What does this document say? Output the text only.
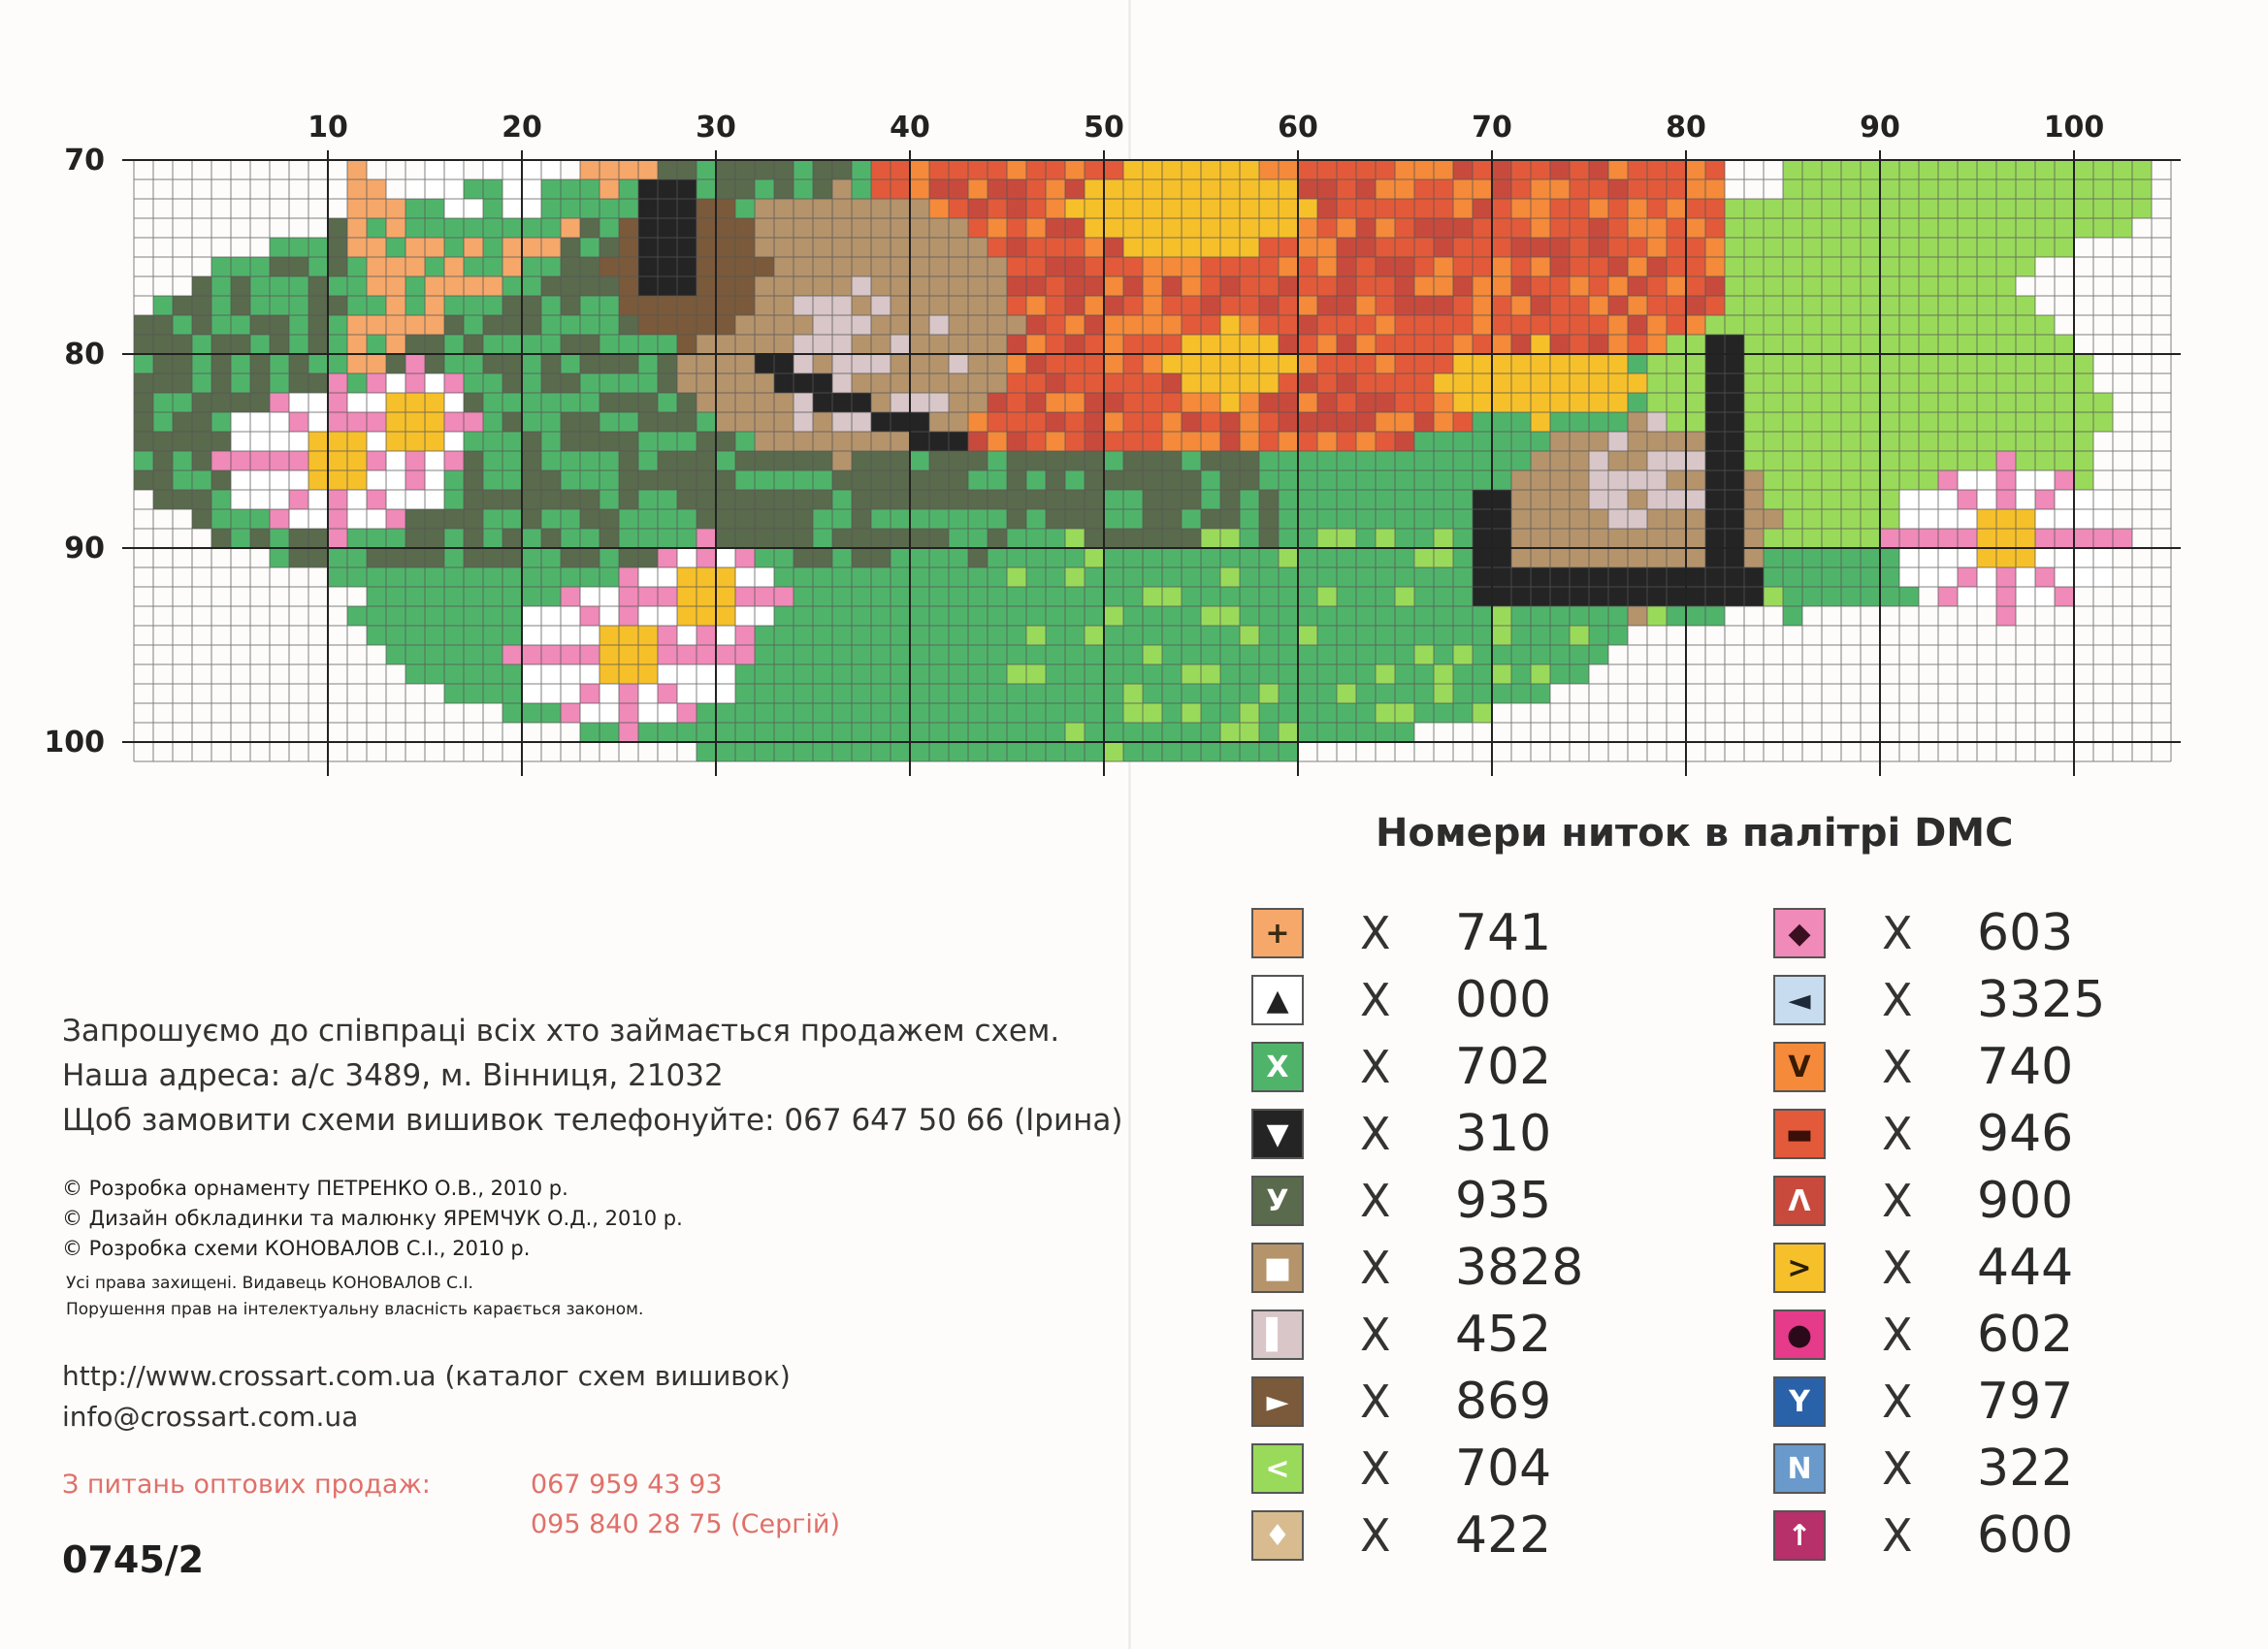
10	20	30	40	50	60	70	80	90	100
70
80
90
100
Номери ниток в палітрі DMC
+	X 741
▲	X 000
X	X 702
▼	X 310
У	X 935
■ X 3828
▌	X 452
►	X 869
<	X 704
♦ X 422
◆	X 603
◄	X 3325
V	X 740
▬ X 946
Λ	X 900
>	X 444
●	X 602
Y	X 797
N	X 322
↑	X 600
Запрошуємо до співпраці всіх хто займається продажем схем.
Наша адреса: а/с 3489, м. Вінниця, 21032
Щоб замовити схеми вишивок телефонуйте: 067 647 50 66 (Ірина)
© Розробка орнаменту ПЕТРЕНКО О.В., 2010 р.
© Дизайн обкладинки та малюнку ЯРЕМЧУК О.Д., 2010 р.
© Розробка схеми КОНОВАЛОВ С.І., 2010 р.
Усі права захищені. Видавець КОНОВАЛОВ С.І.
Порушення прав на інтелектуальну власність карається законом.
http://www.crossart.com.ua (каталог схем вишивок)
info@crossart.com.ua
З питань оптових продаж:	067 959 43 93
095 840 28 75 (Сергій)
0745/2
